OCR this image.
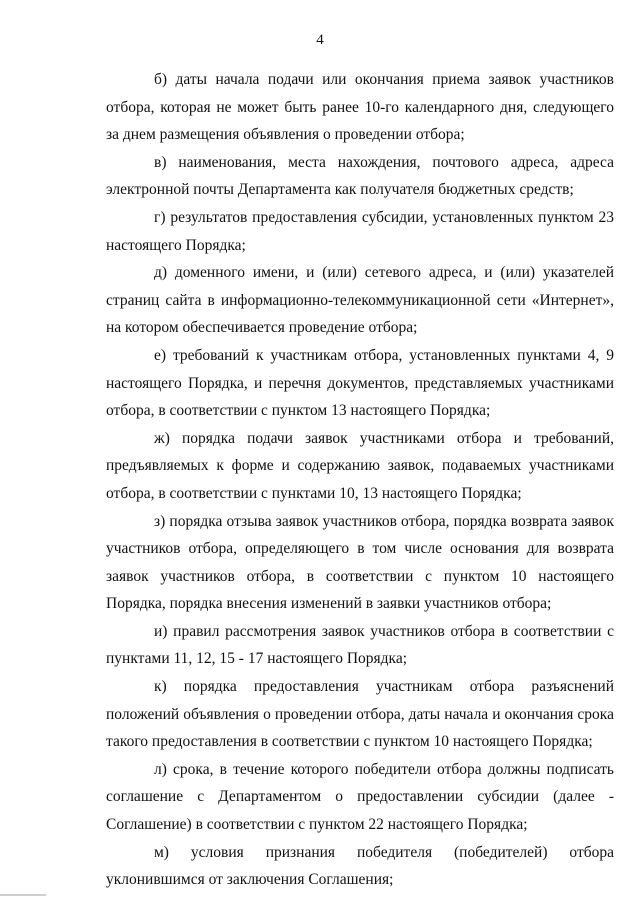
4

б) даты начала подачи или окончания приема заявок участников отбора, которая не может быть ранее 10-го календарного дня, следующего за днем размещения объявления о проведении отбора;

в) наименования, места нахождения, почтового адреса, адреса электронной почты Департамента как получателя бюджетных средств;

г) результатов предоставления субсидии, установленных пунктом 23 настоящего Порядка;

д) доменного имени, и (или) сетевого адреса, и (или) указателей страниц сайта в информационно-телекоммуникационной сети «Интернет», на котором обеспечивается проведение отбора;

е) требований к участникам отбора, установленных пунктами 4, 9 настоящего Порядка, и перечня документов, представляемых участниками отбора, в соответствии с пунктом 13 настоящего Порядка;

ж) порядка подачи заявок участниками отбора и требований, предъявляемых к форме и содержанию заявок, подаваемых участниками отбора, в соответствии с пунктами 10, 13 настоящего Порядка;

з) порядка отзыва заявок участников отбора, порядка возврата заявок участников отбора, определяющего в том числе основания для возврата заявок участников отбора, в соответствии с пунктом 10 настоящего Порядка, порядка внесения изменений в заявки участников отбора;

и) правил рассмотрения заявок участников отбора в соответствии с пунктами 11, 12, 15 - 17 настоящего Порядка;

к) порядка предоставления участникам отбора разъяснений положений объявления о проведении отбора, даты начала и окончания срока такого предоставления в соответствии с пунктом 10 настоящего Порядка;

л) срока, в течение которого победители отбора должны подписать соглашение с Департаментом о предоставлении субсидии (далее - Соглашение) в соответствии с пунктом 22 настоящего Порядка;

м) условия признания победителя (победителей) отбора уклонившимся от заключения Соглашения;
